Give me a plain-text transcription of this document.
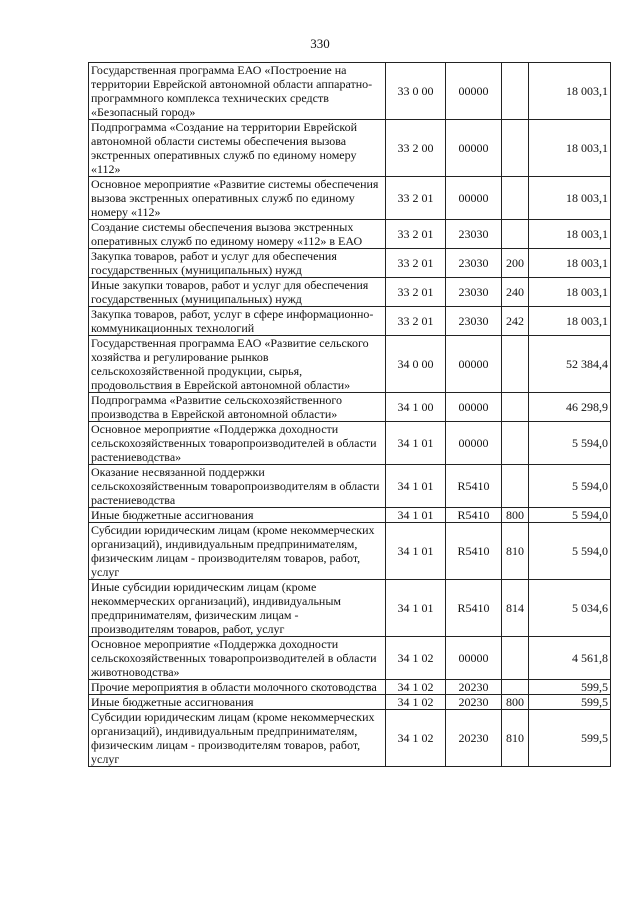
330
Государственная программа ЕАО «Построение на территории Еврейской автономной области аппаратно-программного комплекса технических средств «Безопасный город»	33 0 00	00000		18 003,1
Подпрограмма «Создание на территории Еврейской автономной области системы обеспечения вызова экстренных оперативных служб по единому номеру «112»	33 2 00	00000		18 003,1
Основное мероприятие «Развитие системы обеспечения вызова экстренных оперативных служб по единому номеру «112»	33 2 01	00000		18 003,1
Создание системы обеспечения вызова экстренных оперативных служб по единому номеру «112» в ЕАО	33 2 01	23030		18 003,1
Закупка товаров, работ и услуг для обеспечения государственных (муниципальных) нужд	33 2 01	23030	200	18 003,1
Иные закупки товаров, работ и услуг для обеспечения государственных (муниципальных) нужд	33 2 01	23030	240	18 003,1
Закупка товаров, работ, услуг в сфере информационно-коммуникационных технологий	33 2 01	23030	242	18 003,1
Государственная программа ЕАО «Развитие сельского хозяйства и регулирование рынков сельскохозяйственной продукции, сырья, продовольствия в Еврейской автономной области»	34 0 00	00000		52 384,4
Подпрограмма «Развитие сельскохозяйственного производства в Еврейской автономной области»	34 1 00	00000		46 298,9
Основное мероприятие «Поддержка доходности сельскохозяйственных товаропроизводителей в области растениеводства»	34 1 01	00000		5 594,0
Оказание несвязанной поддержки сельскохозяйственным товаропроизводителям в области растениеводства	34 1 01	R5410		5 594,0
Иные бюджетные ассигнования	34 1 01	R5410	800	5 594,0
Субсидии юридическим лицам (кроме некоммерческих организаций), индивидуальным предпринимателям, физическим лицам - производителям товаров, работ, услуг	34 1 01	R5410	810	5 594,0
Иные субсидии юридическим лицам (кроме некоммерческих организаций), индивидуальным предпринимателям, физическим лицам - производителям товаров, работ, услуг	34 1 01	R5410	814	5 034,6
Основное мероприятие «Поддержка доходности сельскохозяйственных товаропроизводителей в области животноводства»	34 1 02	00000		4 561,8
Прочие мероприятия в области молочного скотоводства	34 1 02	20230		599,5
Иные бюджетные ассигнования	34 1 02	20230	800	599,5
Субсидии юридическим лицам (кроме некоммерческих организаций), индивидуальным предпринимателям, физическим лицам - производителям товаров, работ, услуг	34 1 02	20230	810	599,5
